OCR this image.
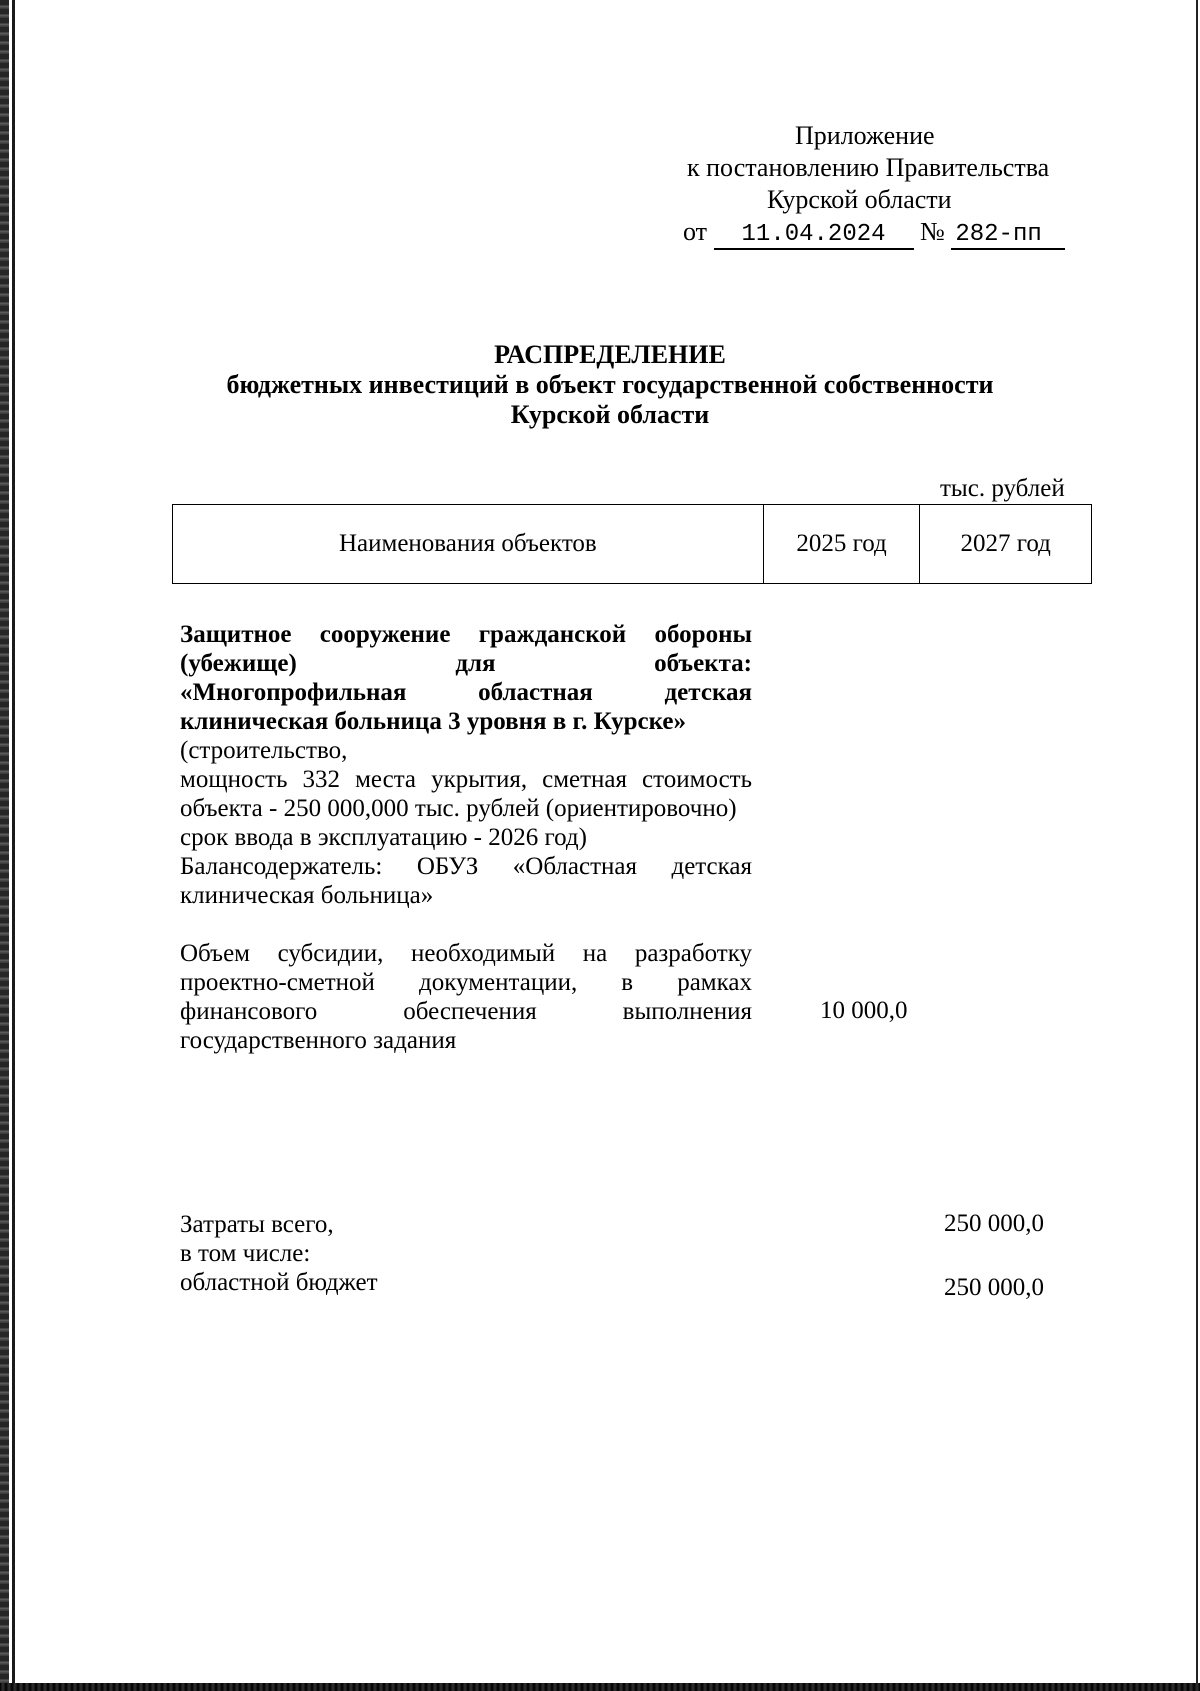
Приложение
к постановлению Правительства
Курской области
от 11.04.2024 № 282-пп
РАСПРЕДЕЛЕНИЕ
бюджетных инвестиций в объект государственной собственности
Курской области
тыс. рублей
Наименования объектов	2025 год	2027 год

Защитное сооружение гражданской обороны (убежище) для объекта:

«Многопрофильная областная детская клиническая больница 3 уровня в г. Курске»

(строительство,

мощность 332 места укрытия, сметная стоимость объекта - 250 000,000 тыс. рублей (ориентировочно)

срок ввода в эксплуатацию - 2026 год)

Балансодержатель: ОБУЗ «Областная детская клиническая больница»

Объем субсидии, необходимый на разработку проектно-сметной документации, в рамках финансового обеспечения выполнения государственного задания

10 000,0

Затраты всего,

в том числе:

областной бюджет

250 000,0
250 000,0
